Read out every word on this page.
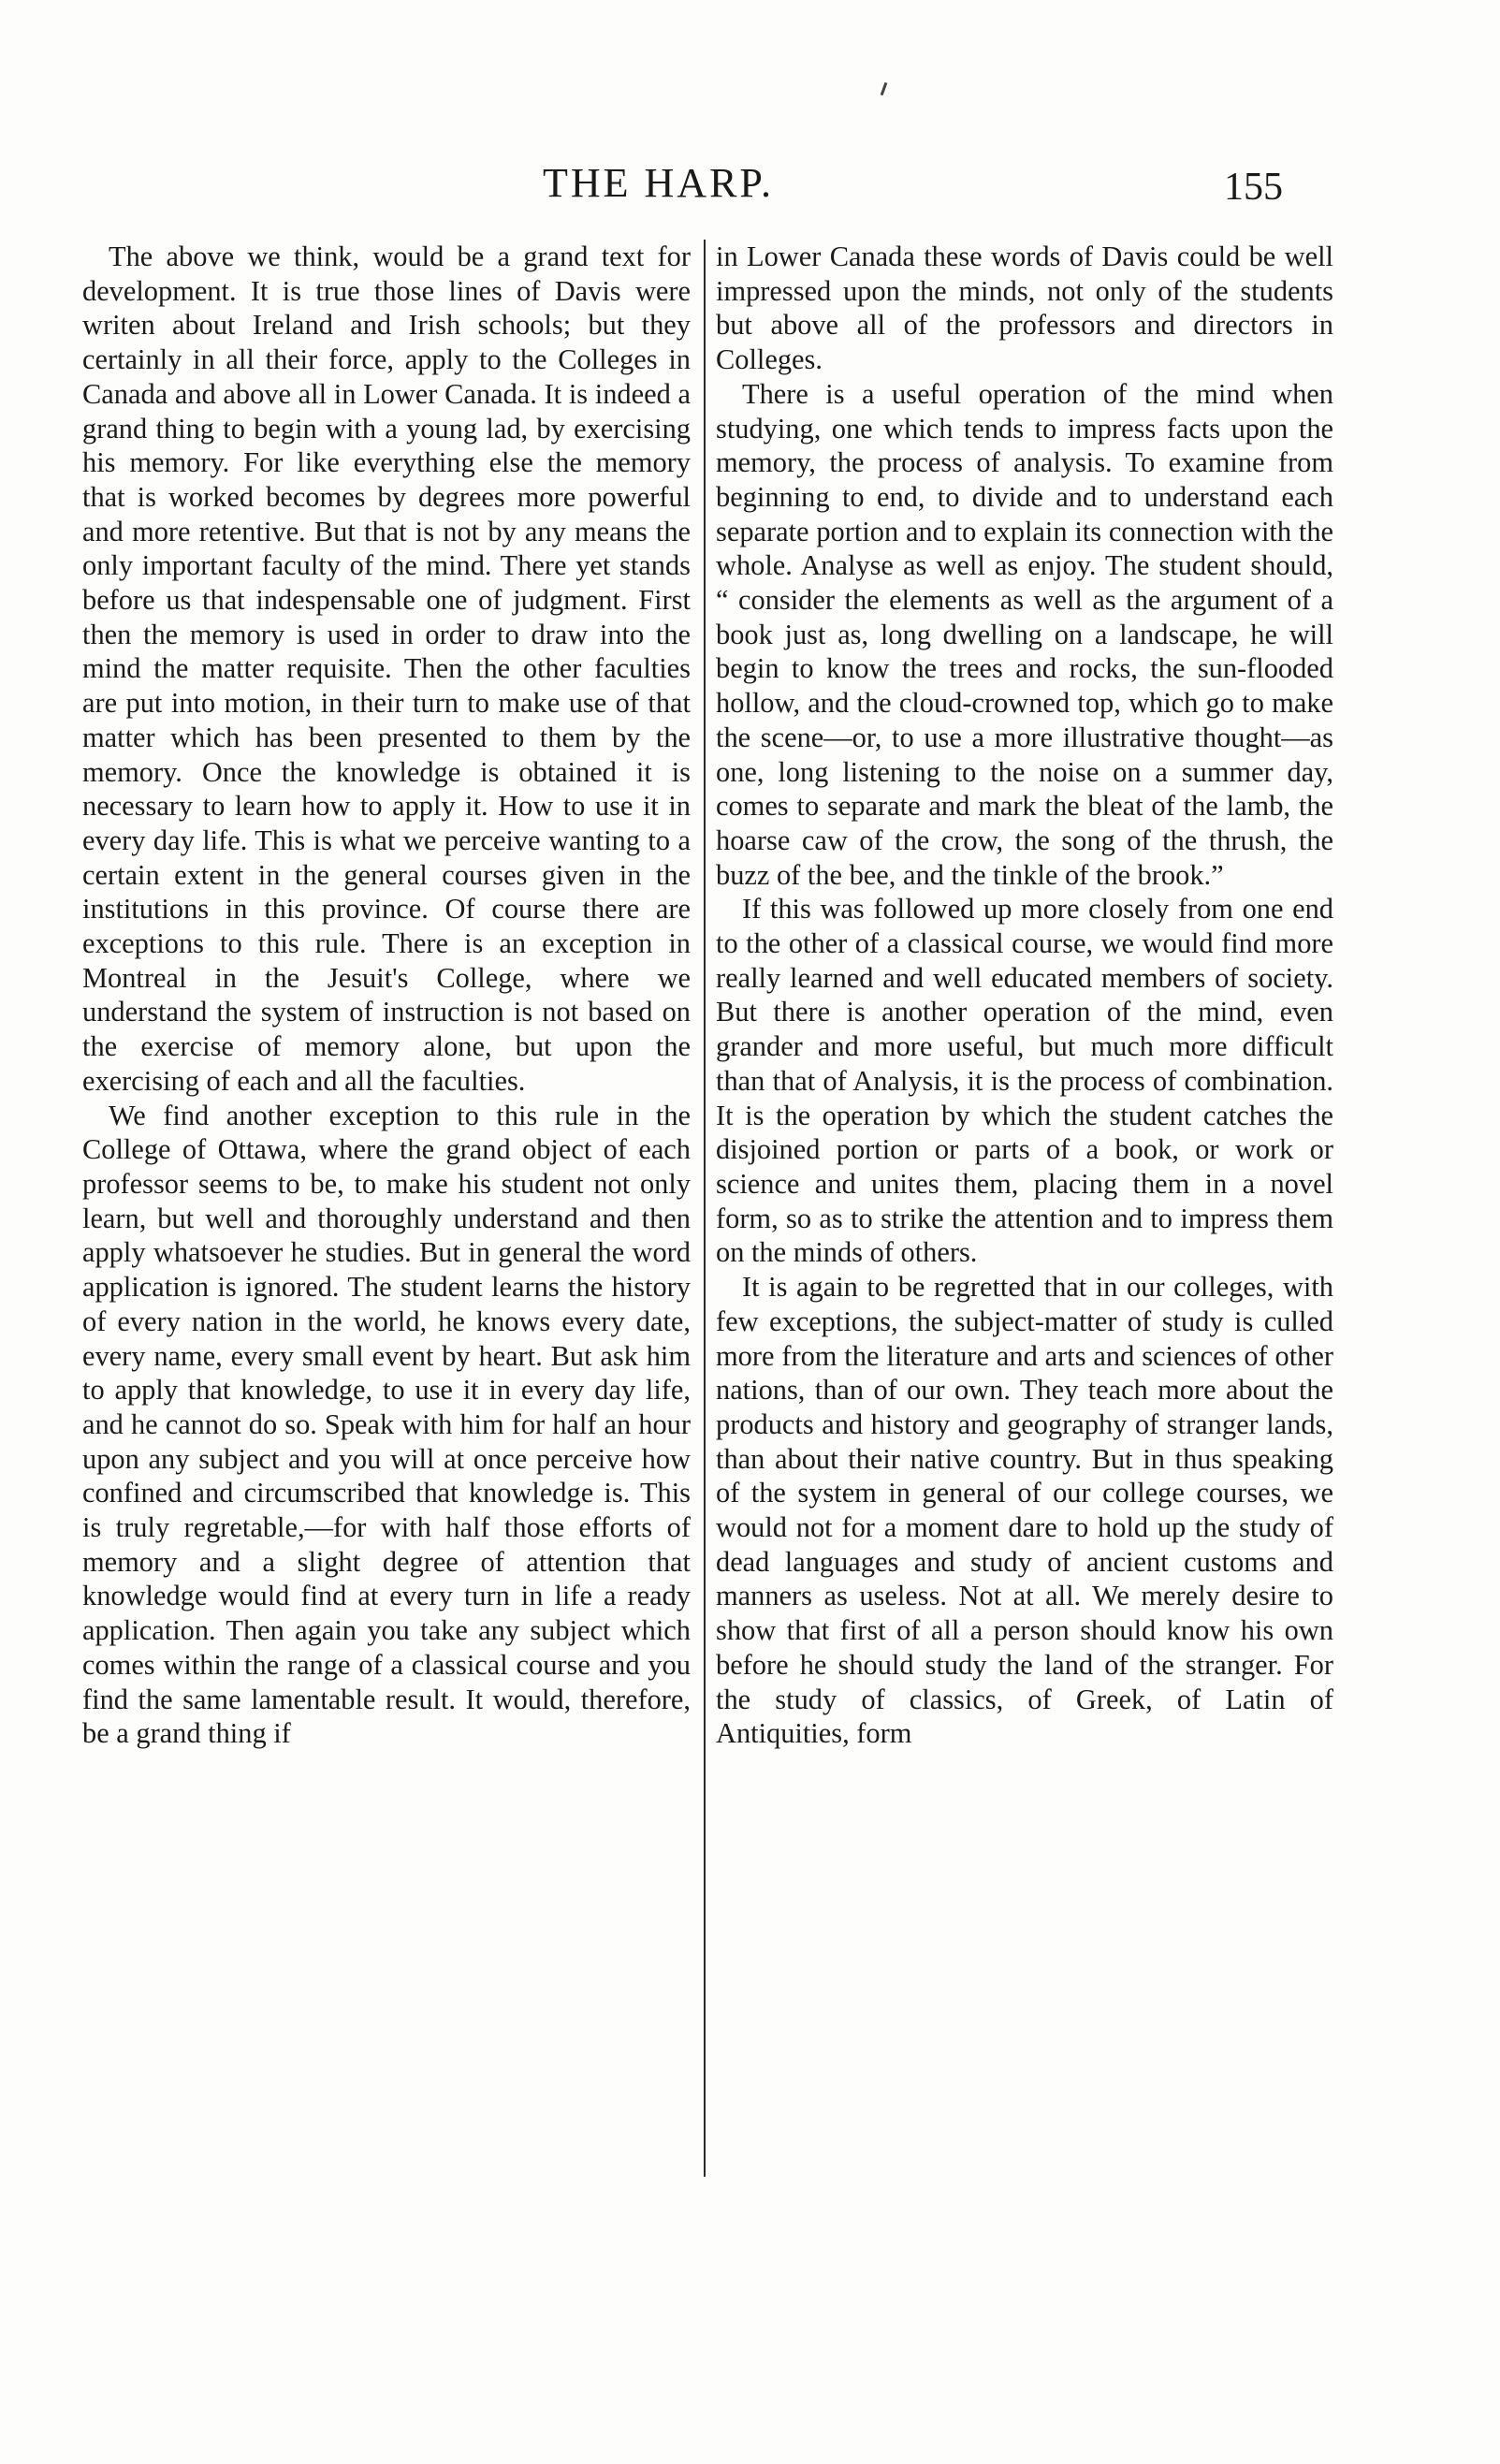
THE HARP.	155

The above we think, would be a grand text for development. It is true those lines of Davis were writen about Ireland and Irish schools; but they certainly in all their force, apply to the Colleges in Canada and above all in Lower Canada. It is indeed a grand thing to begin with a young lad, by exercising his memory. For like everything else the memory that is worked becomes by degrees more powerful and more retentive. But that is not by any means the only important faculty of the mind. There yet stands before us that indespensable one of judgment. First then the memory is used in order to draw into the mind the matter requisite. Then the other faculties are put into motion, in their turn to make use of that matter which has been presented to them by the memory. Once the knowledge is obtained it is necessary to learn how to apply it. How to use it in every day life. This is what we perceive wanting to a certain extent in the general courses given in the institutions in this province. Of course there are exceptions to this rule. There is an exception in Montreal in the Jesuit's College, where we understand the system of instruction is not based on the exercise of memory alone, but upon the exercising of each and all the faculties.

We find another exception to this rule in the College of Ottawa, where the grand object of each professor seems to be, to make his student not only learn, but well and thoroughly understand and then apply whatsoever he studies. But in general the word application is ignored. The student learns the history of every nation in the world, he knows every date, every name, every small event by heart. But ask him to apply that knowledge, to use it in every day life, and he cannot do so. Speak with him for half an hour upon any subject and you will at once perceive how confined and circumscribed that knowledge is. This is truly regretable,—for with half those efforts of memory and a slight degree of attention that knowledge would find at every turn in life a ready application. Then again you take any subject which comes within the range of a classical course and you find the same lamentable result. It would, therefore, be a grand thing if

in Lower Canada these words of Davis could be well impressed upon the minds, not only of the students but above all of the professors and directors in Colleges.

There is a useful operation of the mind when studying, one which tends to impress facts upon the memory, the process of analysis. To examine from beginning to end, to divide and to understand each separate portion and to explain its connection with the whole. Analyse as well as enjoy. The student should, “ consider the elements as well as the argument of a book just as, long dwelling on a landscape, he will begin to know the trees and rocks, the sun-flooded hollow, and the cloud-crowned top, which go to make the scene—or, to use a more illustrative thought—as one, long listening to the noise on a summer day, comes to separate and mark the bleat of the lamb, the hoarse caw of the crow, the song of the thrush, the buzz of the bee, and the tinkle of the brook.”

If this was followed up more closely from one end to the other of a classical course, we would find more really learned and well educated members of society. But there is another operation of the mind, even grander and more useful, but much more difficult than that of Analysis, it is the process of combination. It is the operation by which the student catches the disjoined portion or parts of a book, or work or science and unites them, placing them in a novel form, so as to strike the attention and to impress them on the minds of others.

It is again to be regretted that in our colleges, with few exceptions, the subject-matter of study is culled more from the literature and arts and sciences of other nations, than of our own. They teach more about the products and history and geography of stranger lands, than about their native country. But in thus speaking of the system in general of our college courses, we would not for a moment dare to hold up the study of dead languages and study of ancient customs and manners as useless. Not at all. We merely desire to show that first of all a person should know his own before he should study the land of the stranger. For the study of classics, of Greek, of Latin of Antiquities, form
